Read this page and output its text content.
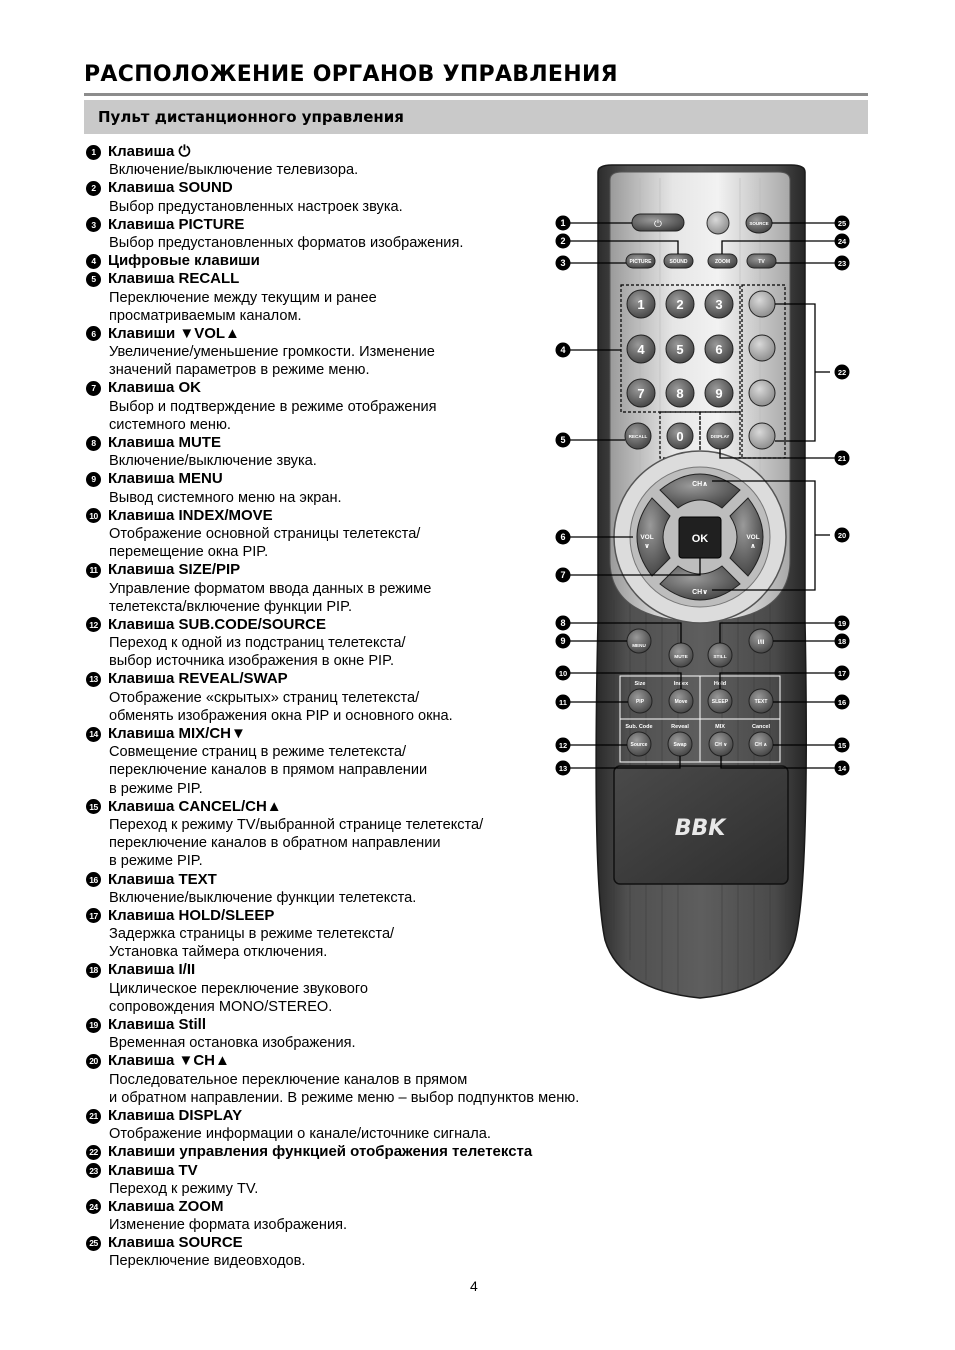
РАСПОЛОЖЕНИЕ ОРГАНОВ УПРАВЛЕНИЯ
Пульт дистанционного управления
1 Клавиша ⏻
Включение/выключение телевизора.
2 Клавиша SOUND
Выбор предустановленных настроек звука.
3 Клавиша PICTURE
Выбор предустановленных форматов изображения.
4 Цифровые клавиши
5 Клавиша RECALL
Переключение между текущим и ранее
просматриваемым каналом.
6 Клавиши ▼VOL▲
Увеличение/уменьшение громкости. Изменение
значений параметров в режиме меню.
7 Клавиша OK
Выбор и подтверждение в режиме отображения
системного меню.
8 Клавиша MUTE
Включение/выключение звука.
9 Клавиша MENU
Вывод системного меню на экран.
10 Клавиша INDEX/MOVE
Отображение основной страницы телетекста/
перемещение окна PIP.
11 Клавиша SIZE/PIP
Управление форматом ввода данных в режиме
телетекста/включение функции PIP.
12 Клавиша SUB.CODE/SOURCE
Переход к одной из подстраниц телетекста/
выбор источника изображения в окне PIP.
13 Клавиша REVEAL/SWAP
Отображение «скрытых» страниц телетекста/
обменять изображения окна PIP и основного окна.
14 Клавиша MIX/CH▼
Совмещение страниц в режиме телетекста/
переключение каналов в прямом направлении
в режиме PIP.
15 Клавиша CANCEL/CH▲
Переход к режиму TV/выбранной странице телетекста/
переключение каналов в обратном направлении
в режиме PIP.
16 Клавиша TEXT
Включение/выключение функции телетекста.
17 Клавиша HOLD/SLEEP
Задержка страницы в режиме телетекста/
Установка таймера отключения.
18 Клавиша I/II
Циклическое переключение звукового
сопровождения MONO/STEREO.
19 Клавиша Still
Временная остановка изображения.
20 Клавиша ▼CH▲
Последовательное переключение каналов в прямом
и обратном направлении. В режиме меню – выбор подпунктов меню.
21 Клавиша DISPLAY
Отображение информации о канале/источнике сигнала.
22 Клавиши управления функцией отображения телетекста
23 Клавиша TV
Переход к режиму TV.
24 Клавиша ZOOM
Изменение формата изображения.
25 Клавиша SOURCE
Переключение видеовходов.
⏻	SOURCE
PICTURE	SOUND	ZOOM	TV
1 2 3
4 5 6
7 8 9
0
RECALL	DISPLAY
CH∧
CH∨
VOL
∨
VOL
∧
OK
MENU
MUTE	STILL
I/II
Size	Index	Hold
Sub. Code	Reveal	MIX	Cancel
PIP	Move	SLEEP	TEXT
Source	Swap	CH ∨	CH ∧
BBK
1
2
3
4
5
6
7
8
9
10
11
12
13
25
24
23
22
21
20
19
18
17
16
15
14
4
